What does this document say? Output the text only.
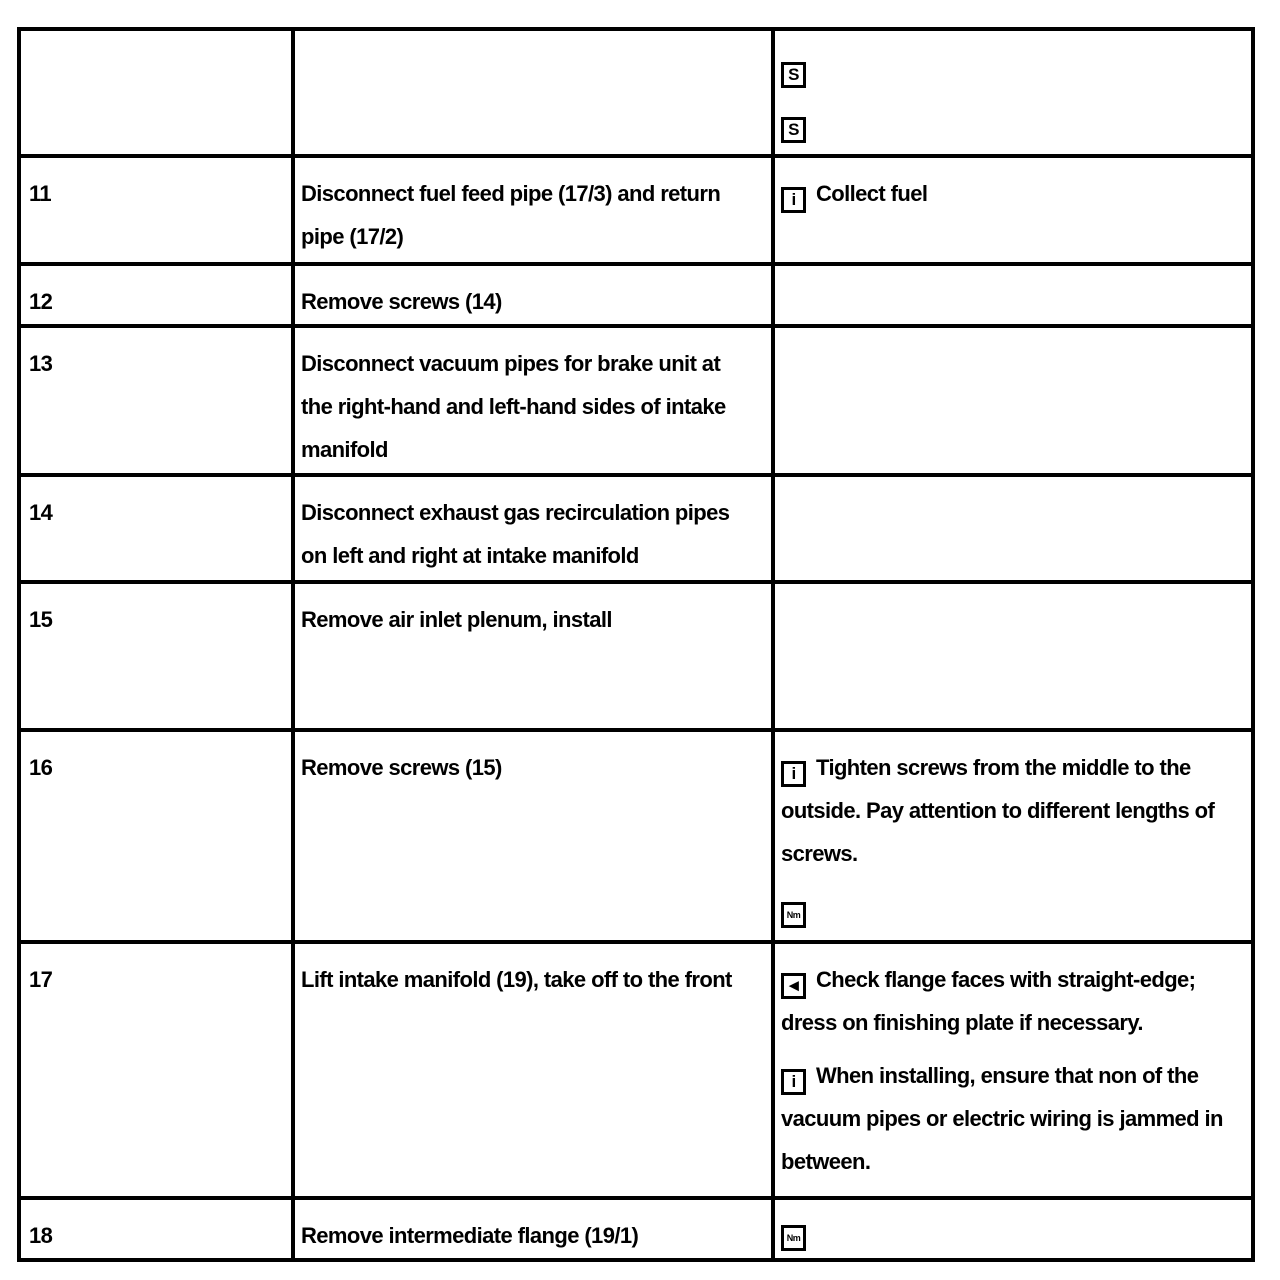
		S
S

11	Disconnect fuel feed pipe (17/3) and return pipe (17/2)	i Collect fuel
12	Remove screws (14)	
13	Disconnect vacuum pipes for brake unit at the right-hand and left-hand sides of intake manifold	
14	Disconnect exhaust gas recirculation pipes on left and right at intake manifold	
15	Remove air inlet plenum, install	
16	Remove screws (15)	i Tighten screws from the middle to the outside. Pay attention to different lengths of screws.

Nm
17	Lift intake manifold (19), take off to the front	◄ Check flange faces with straight-edge; dress on finishing plate if necessary.

i When installing, ensure that non of the vacuum pipes or electric wiring is jammed in between.

18	Remove intermediate flange (19/1)	Nm
